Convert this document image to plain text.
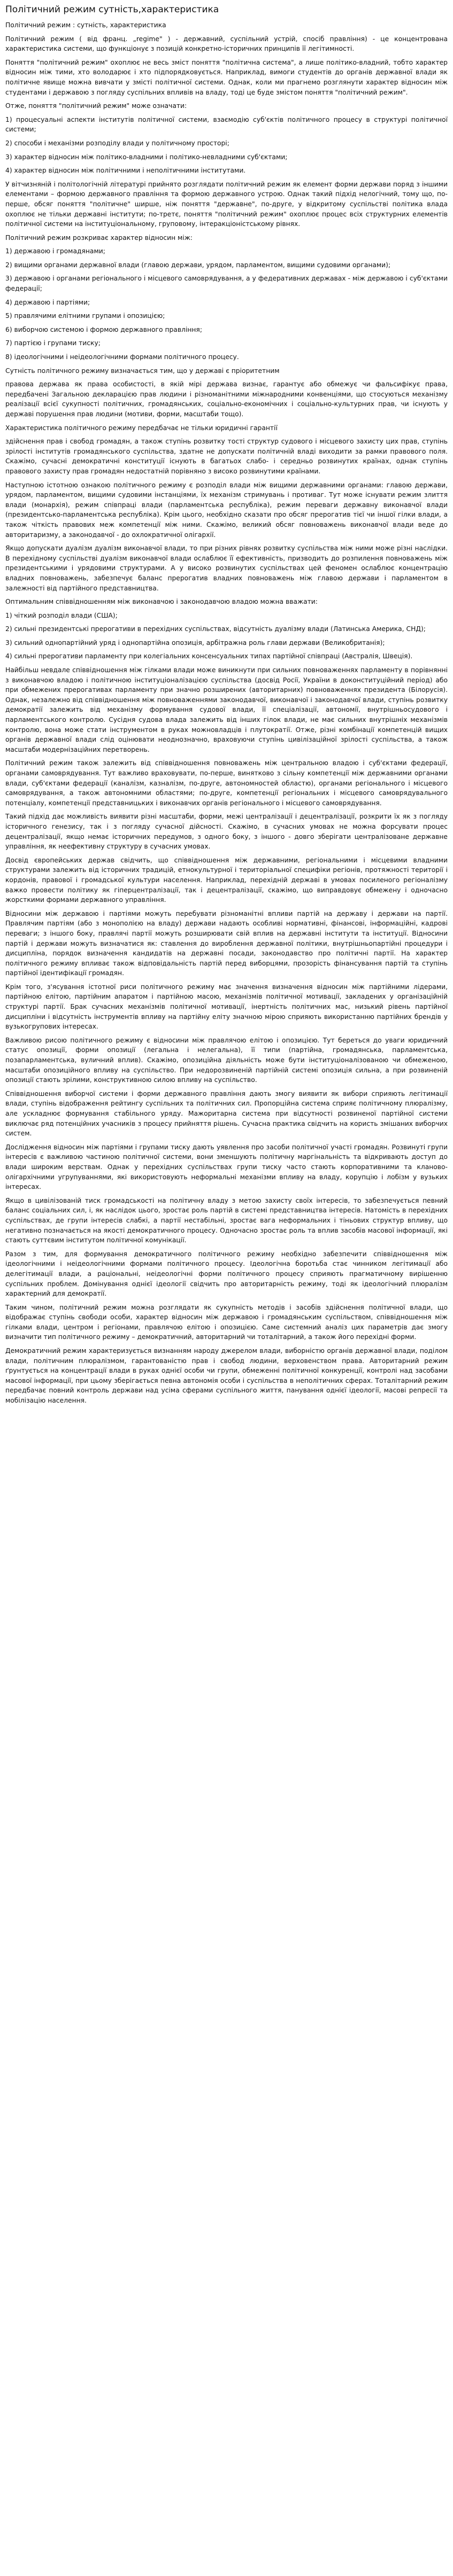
Політичний режим сутність,характеристика

Політичний режим : сутність, характеристика

Політичний режим ( від франц. „regime" ) - державний, суспільний устрій, спосіб правління) - це концентрована характеристика системи, що функціонує з позицій конкретно-історичних принципів її легітимності.

Поняття "політичний режим" охоплює не весь зміст поняття "політична система", а лише політико-владний, тобто характер відносин між тими, хто володарює і хто підпорядковується. Наприклад, вимоги студентів до органів державної влади як політичне явище можна вивчати у змісті політичної системи. Однак, коли ми прагнемо розглянути характер відносин між студентами і державою з погляду суспільних впливів на владу, тоді це буде змістом поняття "політичний режим".

Отже, поняття "політичний режим" може означати:

1) процесуальні аспекти інститутів політичної системи, взаємодію суб'єктів політичного процесу в структурі політичної системи;

2) способи і механізми розподілу влади у політичному просторі;

3) характер відносин між політико-владними і політико-невладними суб'єктами;

4) характер відносин між політичними і неполітичними інститутами.

У вітчизняній і політологічній літературі прийнято розглядати політичний режим як елемент форми держави поряд з іншими елементами – формою державного правління та формою державного устрою. Однак такий підхід нелогічний, тому що, по-перше, обсяг поняття "політичне" ширше, ніж поняття "державне", по-друге, у відкритому суспільстві політика влада охоплює не тільки державні інститути; по-третє, поняття "політичний режим" охоплює процес всіх структурних елементів політичної системи на інституціональному, груповому, інтеракціоністському рівнях.

Політичний режим розкриває характер відносин між:

1) державою і громадянами;

2) вищими органами державної влади (главою держави, урядом, парламентом, вищими судовими органами);

3) державою і органами регіонального і місцевого самоврядування, а у федеративних державах - між державою і суб'єктами федерації;

4) державою і партіями;

5) правлячими елітними групами і опозицією;

6) виборчою системою і формою державного правління;

7) партією і групами тиску;

8) ідеологічними і неідеологічними формами політичного процесу.

Сутність політичного режиму визначається тим, що у державі є пріоритетним

правова держава як права особистості, в якій мірі держава визнає, гарантує або обмежує чи фальсифікує права, передбачені Загальною декларацією прав людини і різноманітними міжнародними конвенціями, що стосуються механізму реалізації всієї сукупності політичних, громадянських, соціально-економічних і соціально-культурних прав, чи існують у державі порушення прав людини (мотиви, форми, масштаби тощо).

Характеристика політичного режиму передбачає не тільки юридичні гарантії

здійснення прав і свобод громадян, а також ступінь розвитку тості структур судового і місцевого захисту цих прав, ступінь зрілості інститутів громадянського суспільства, здатне не допускати політичній владі виходити за рамки правового поля. Скажімо, сучасні демократичні конституції існують в багатьох слабо- і середньо розвинутих країнах, однак ступінь правового захисту прав громадян недостатній порівняно з високо розвинутими країнами.

Наступною істотною ознакою політичного режиму є розподіл влади між вищими державними органами: главою держави, урядом, парламентом, вищими судовими інстанціями, їх механізм стримувань і противаг. Тут може існувати режим злиття влади (монархія), режим співпраці влади (парламентська республіка), режим переваги державну виконавчої влади (президентсько-парламентська республіка). Крім цього, необхідно сказати про обсяг прерогатив тієї чи іншої гілки влади, а також чіткість правових меж компетенції між ними. Скажімо, великий обсяг повноважень виконавчої влади веде до авторитаризму, а законодавчої - до охлократичної олігархії.

Якщо допускати дуалізм дуалізм виконавчої влади, то при різних рівнях розвитку суспільства між ними може різні наслідки. В перехідному суспільстві дуалізм виконавчої влади ослаблює її ефективність, призводить до розпилення повноважень між президентськими і урядовими структурами. А у високо розвинутих суспільствах цей феномен ослаблює концентрацію владних повноважень, забезпечує баланс прерогатив владних повноважень між главою держави і парламентом в залежності від партійного представництва.

Оптимальним співвідношенням між виконавчою і законодавчою владою можна вважати:

1) чіткий розподіл влади (США);

2) сильні президентські прерогативи в перехідних суспільствах, відсутність дуалізму влади (Латинська Америка, СНД);

3) сильний однопартійний уряд і однопартійна опозиція, арбітражна роль глави держави (Великобританія);

4) сильні прерогативи парламенту при колегіальних консенсуальних типах партійної співпраці (Австралія, Швеція).

Найбільш невдале співвідношення між гілками влади може виникнути при сильних повноваженнях парламенту в порівнянні з виконавчою владою і політичною інституціоналізацією суспільства (досвід Росії, України в доконституційний період) або при обмежених прерогативах парламенту при значно розширених (авторитарних) повноваженнях президента (Білорусія). Однак, незалежно від співвідношення між повноваженнями законодавчої, виконавчої і законодавчої влади, ступінь розвитку демократії залежить від механізму формування судової влади, її спеціалізації, автономії, внутрішньосудового і парламентського контролю. Сусідня судова влада залежить від інших гілок влади, не має сильних внутрішніх механізмів контролю, вона може стати інструментом в руках можновладців і плутократії. Отже, різні комбінації компетенцій вищих органів державної влади слід оцінювати неоднозначно, враховуючи ступінь цивілізаційної зрілості суспільства, а також масштаби модернізаційних перетворень.

Політичний режим також залежить від співвідношення повноважень між центральною владою і суб'єктами федерації, органами самоврядування. Тут важливо враховувати, по-перше, винятково з сільну компетенції між державними органами влади, суб'єктами федерації (каналізм, казналізм, по-друге, автономностей областю), органами регіонального і місцевого самоврядування, а також автономними областями; по-друге, компетенції регіональних і місцевого самоврядувального потенціалу, компетенції представницьких і виконавчих органів регіонального і місцевого самоврядування.

Такий підхід дає можливість виявити різні масштаби, форми, межі централізації і децентралізації, розкрити їх як з погляду історичного генезису, так і з погляду сучасної дійсності. Скажімо, в сучасних умовах не можна форсувати процес децентралізації, якщо немає історичних передумов, з одного боку, з іншого - довго зберігати централізоване державне управління, як неефективну структуру в сучасних умовах.

Досвід європейських держав свідчить, що співвідношення між державними, регіональними і місцевими владними структурами залежить від історичних традицій, етнокультурної і територіальної специфіки регіонів, протяжності території і кордонів, правової і громадської культури населення. Наприклад, перехідній державі в умовах посиленого регіоналізму важко провести політику як гіперцентралізації, так і децентралізації, скажімо, що виправдовує обмежену і одночасно жорсткими формами державного управління.

Відносини між державою і партіями можуть перебувати різноманітні впливи партій на державу і держави на партії. Правлячим партіям (або з монополією на владу) держави надають особливі нормативні, фінансові, інформаційні, кадрові переваги; з іншого боку, правлячі партії можуть розширювати свій вплив на державні інститути та інституції. Відносини партій і держави можуть визначатися як: ставлення до вироблення державної політики, внутрішньопартійні процедури і дисципліна, порядок визначення кандидатів на державні посади, законодавство про політичні партії. На характер політичного режиму впливає також відповідальність партій перед виборцями, прозорість фінансування партій та ступінь партійної ідентифікації громадян.

Крім того, з'ясування істотної риси політичного режиму має значення визначення відносин між партійними лідерами, партійною елітою, партійним апаратом і партійною масою, механізмів політичної мотивації, закладених у організаційній структурі партії. Брак сучасних механізмів політичної мотивації, інертність політичних мас, низький рівень партійної дисципліни і відсутність інструментів впливу на партійну еліту значною мірою сприяють використанню партійних брендів у вузькогрупових інтересах.

Важливою рисою політичного режиму є відносини між правлячою елітою і опозицією. Тут береться до уваги юридичний статус опозиції, форми опозиції (легальна і нелегальна), її типи (партійна, громадянська, парламентська, позапарламентська, вуличний вплив). Скажімо, опозиційна діяльність може бути інституціоналізованою чи обмеженою, масштаби опозиційного впливу на суспільство. При недорозвиненій партійній системі опозиція сильна, а при розвиненій опозиції стають зрілими, конструктивною силою впливу на суспільство.

Співвідношення виборчої системи і форми державного правління дають змогу виявити як вибори сприяють легітимації влади, ступінь відображення рейтингу суспільних та політичних сил. Пропорційна система сприяє політичному плюралізму, але ускладнює формування стабільного уряду. Мажоритарна система при відсутності розвиненої партійної системи виключає ряд потенційних учасників з процесу прийняття рішень. Сучасна практика свідчить на користь змішаних виборчих систем.

Дослідження відносин між партіями і групами тиску дають уявлення про засоби політичної участі громадян. Розвинуті групи інтересів є важливою частиною політичної системи, вони зменшують політичну маргінальність та відкривають доступ до влади широким верствам. Однак у перехідних суспільствах групи тиску часто стають корпоративними та кланово-олігархічними угрупуваннями, які використовують неформальні механізми впливу на владу, корупцію і лобізм у вузьких інтересах.

Якщо в цивілізованій тиск громадськості на політичну владу з метою захисту своїх інтересів, то забезпечується певний баланс соціальних сил, і, як наслідок цього, зростає роль партій в системі представництва інтересів. Натомість в перехідних суспільствах, де групи інтересів слабкі, а партії нестабільні, зростає вага неформальних і тіньових структур впливу, що негативно позначається на якості демократичного процесу. Одночасно зростає роль та вплив засобів масової інформації, які стають суттєвим інститутом політичної комунікації.

Разом з тим, для формування демократичного політичного режиму необхідно забезпечити співвідношення між ідеологічними і неідеологічними формами політичного процесу. Ідеологічна боротьба стає чинником легітимації або делегітимації влади, а раціональні, неідеологічні форми політичного процесу сприяють прагматичному вирішенню суспільних проблем. Домінування однієї ідеології свідчить про авторитарність режиму, тоді як ідеологічний плюралізм характерний для демократії.

Таким чином, політичний режим можна розглядати як сукупність методів і засобів здійснення політичної влади, що відображає ступінь свободи особи, характер відносин між державою і громадянським суспільством, співвідношення між гілками влади, центром і регіонами, правлячою елітою і опозицією. Саме системний аналіз цих параметрів дає змогу визначити тип політичного режиму – демократичний, авторитарний чи тоталітарний, а також його перехідні форми.

Демократичний режим характеризується визнанням народу джерелом влади, виборністю органів державної влади, поділом влади, політичним плюралізмом, гарантованістю прав і свобод людини, верховенством права. Авторитарний режим ґрунтується на концентрації влади в руках однієї особи чи групи, обмеженні політичної конкуренції, контролі над засобами масової інформації, при цьому зберігається певна автономія особи і суспільства в неполітичних сферах. Тоталітарний режим передбачає повний контроль держави над усіма сферами суспільного життя, панування однієї ідеології, масові репресії та мобілізацію населення.
